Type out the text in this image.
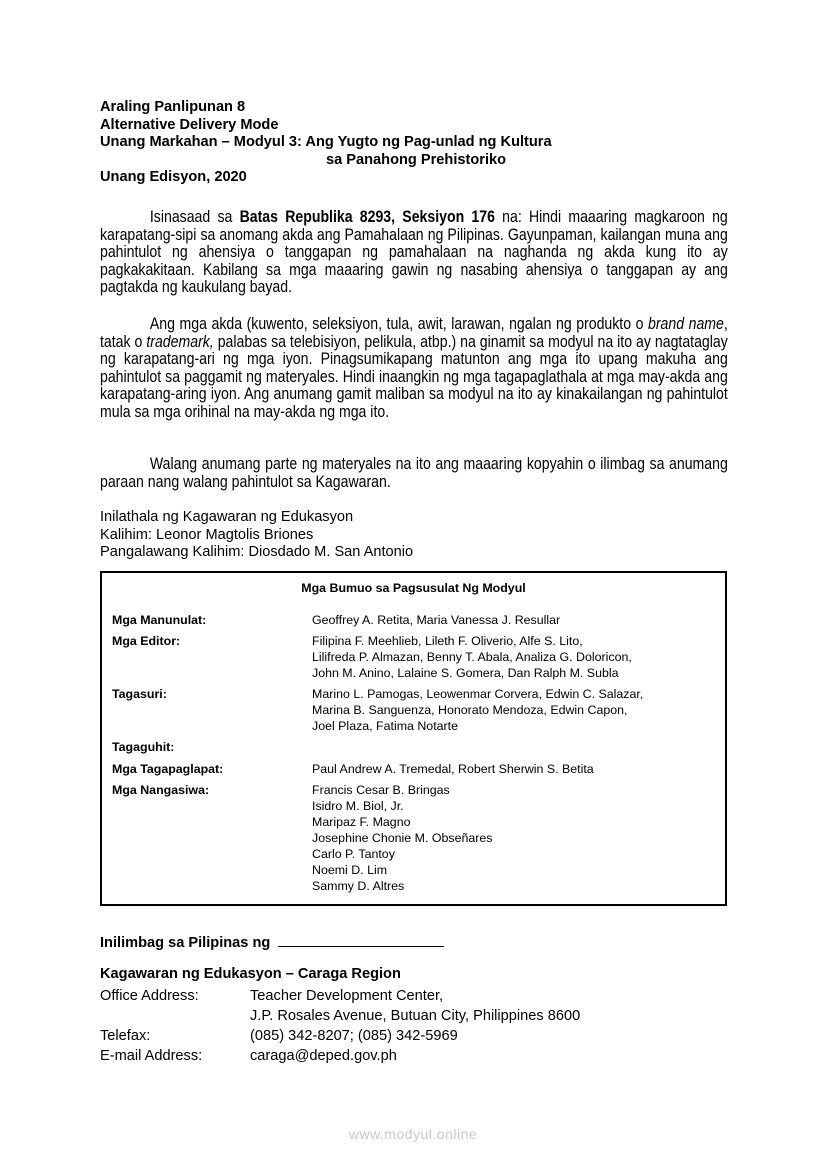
Araling Panlipunan 8
Alternative Delivery Mode
Unang Markahan – Modyul 3: Ang Yugto ng Pag-unlad ng Kultura
sa Panahong Prehistoriko
Unang Edisyon, 2020
Isinasaad sa Batas Republika 8293, Seksiyon 176 na: Hindi maaaring magkaroon ng karapatang-sipi sa anomang akda ang Pamahalaan ng Pilipinas. Gayunpaman, kailangan muna ang pahintulot ng ahensiya o tanggapan ng pamahalaan na naghanda ng akda kung ito ay pagkakakitaan. Kabilang sa mga maaaring gawin ng nasabing ahensiya o tanggapan ay ang pagtakda ng kaukulang bayad.
Ang mga akda (kuwento, seleksiyon, tula, awit, larawan, ngalan ng produkto o brand name, tatak o trademark, palabas sa telebisiyon, pelikula, atbp.) na ginamit sa modyul na ito ay nagtataglay ng karapatang-ari ng mga iyon. Pinagsumikapang matunton ang mga ito upang makuha ang pahintulot sa paggamit ng materyales. Hindi inaangkin ng mga tagapaglathala at mga may-akda ang karapatang-aring iyon. Ang anumang gamit maliban sa modyul na ito ay kinakailangan ng pahintulot mula sa mga orihinal na may-akda ng mga ito.
Walang anumang parte ng materyales na ito ang maaaring kopyahin o ilimbag sa anumang paraan nang walang pahintulot sa Kagawaran.
Inilathala ng Kagawaran ng Edukasyon
Kalihim: Leonor Magtolis Briones
Pangalawang Kalihim: Diosdado M. San Antonio
Mga Bumuo sa Pagsusulat Ng Modyul
Mga Manunulat:	Geoffrey A. Retita, Maria Vanessa J. Resullar
Mga Editor:	Filipina F. Meehlieb, Lileth F. Oliverio, Alfe S. Lito,
Lilifreda P. Almazan, Benny T. Abala, Analiza G. Doloricon,
John M. Anino, Lalaine S. Gomera, Dan Ralph M. Subla
Tagasuri:	Marino L. Pamogas, Leowenmar Corvera, Edwin C. Salazar,
Marina B. Sanguenza, Honorato Mendoza, Edwin Capon,
Joel Plaza, Fatima Notarte
Tagaguhit:
Mga Tagapaglapat:	Paul Andrew A. Tremedal, Robert Sherwin S. Betita
Mga Nangasiwa:	Francis Cesar B. Bringas
Isidro M. Biol, Jr.
Maripaz F. Magno
Josephine Chonie M. Obseñares
Carlo P. Tantoy
Noemi D. Lim
Sammy D. Altres
Inilimbag sa Pilipinas ng
Kagawaran ng Edukasyon – Caraga Region
Office Address:	Teacher Development Center,
J.P. Rosales Avenue, Butuan City, Philippines 8600
Telefax:	(085) 342-8207; (085) 342-5969
E-mail Address:	caraga@deped.gov.ph
www.modyul.online
